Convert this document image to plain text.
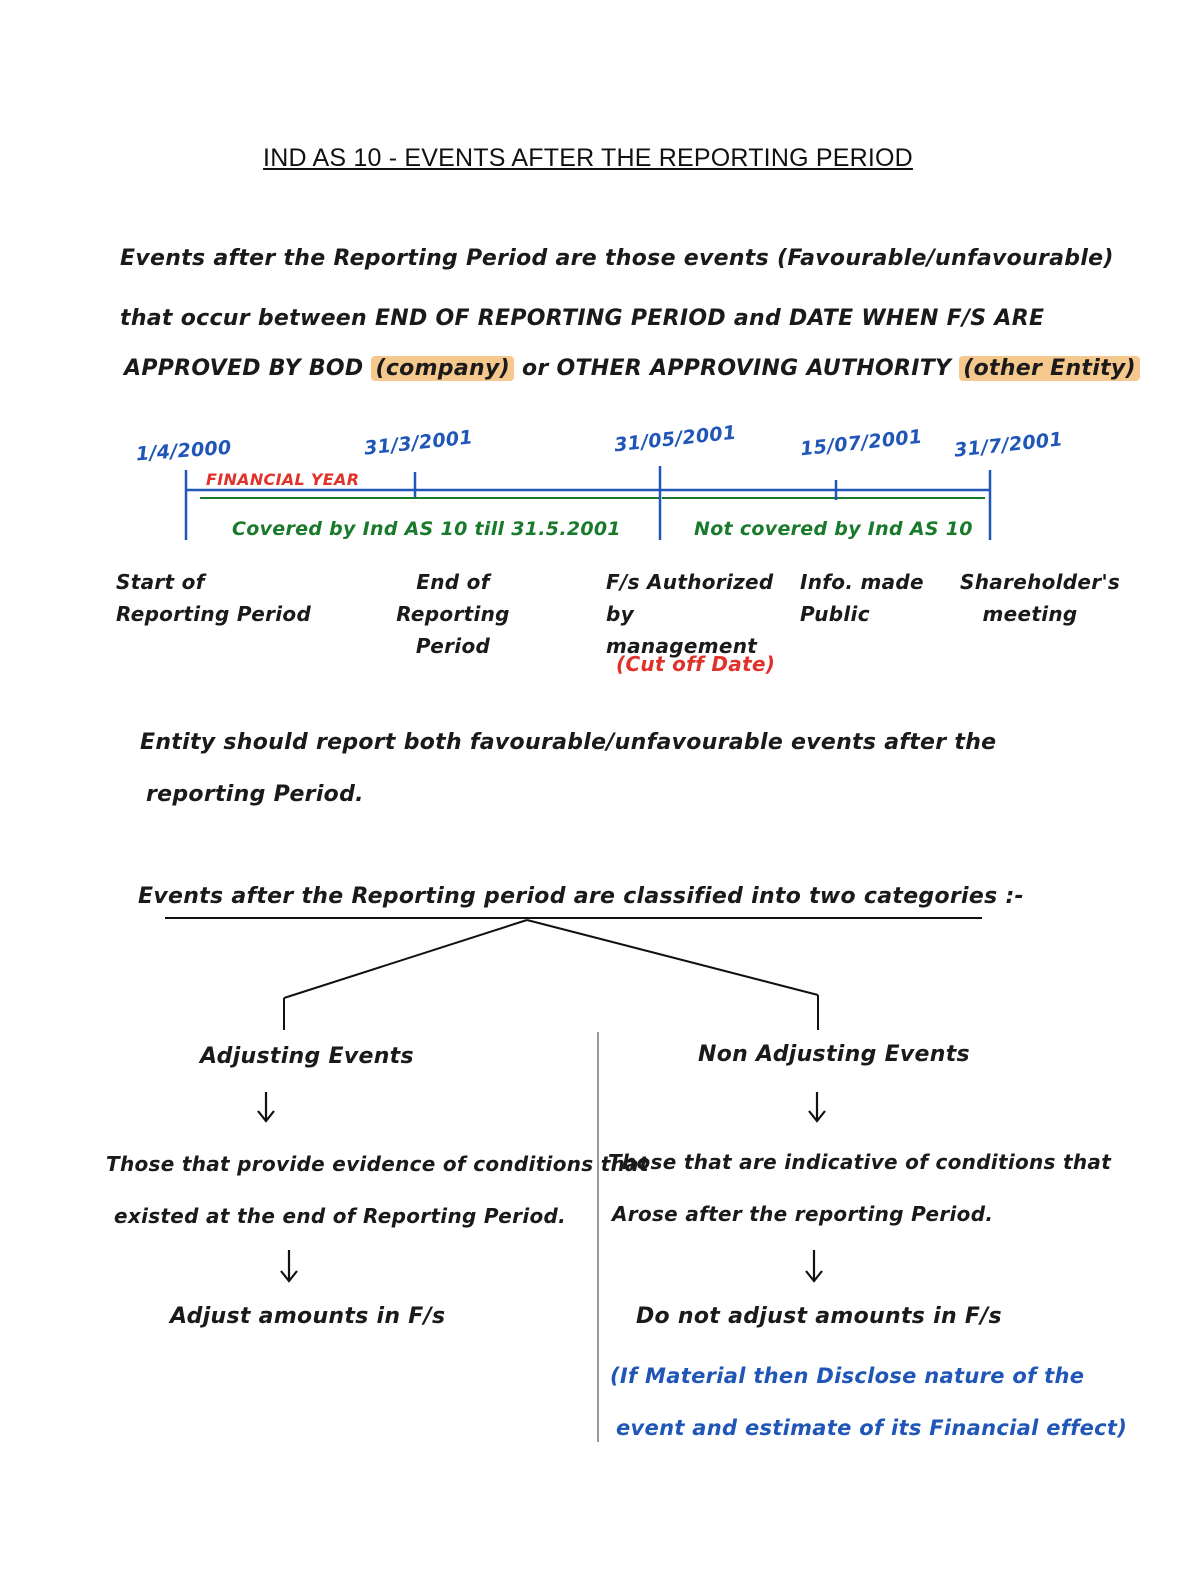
IND AS 10 - EVENTS AFTER THE REPORTING PERIOD
Events after the Reporting Period are those events (Favourable/unfavourable)
that occur between END OF REPORTING PERIOD and DATE WHEN F/S ARE
APPROVED BY BOD (company) or OTHER APPROVING AUTHORITY (other Entity)
1/4/2000	31/3/2001	31/05/2001	15/07/2001 31/7/2001
FINANCIAL YEAR
Covered by Ind AS 10 till 31.5.2001	Not covered by Ind AS 10
Start of Reporting Period
End of Reporting Period
F/s Authorized by management
(Cut off Date)
Info. made Public
Shareholder's meeting
Entity should report both favourable/unfavourable events after the
reporting Period.
Events after the Reporting period are classified into two categories :-
Adjusting Events
Those that provide evidence of conditions that
existed at the end of Reporting Period.
Adjust amounts in F/s
Non Adjusting Events
Those that are indicative of conditions that
Arose after the reporting Period.
Do not adjust amounts in F/s
(If Material then Disclose nature of the
event and estimate of its Financial effect)
